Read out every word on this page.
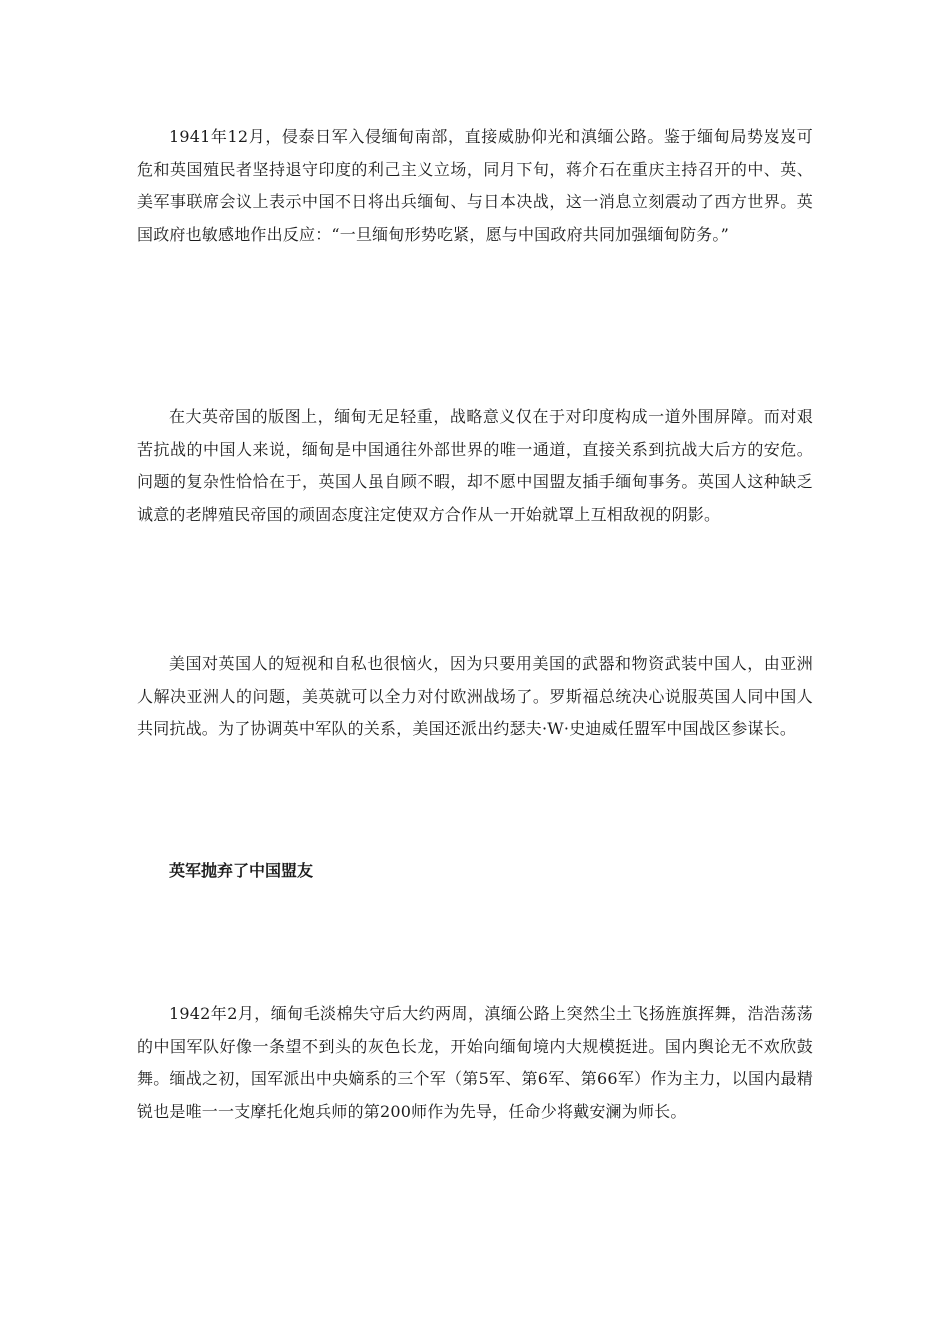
1941年12月，侵泰日军入侵缅甸南部，直接威胁仰光和滇缅公路。鉴于缅甸局势岌岌可危和英国殖民者坚持退守印度的利己主义立场，同月下旬，蒋介石在重庆主持召开的中、英、美军事联席会议上表示中国不日将出兵缅甸、与日本决战，这一消息立刻震动了西方世界。英国政府也敏感地作出反应：“一旦缅甸形势吃紧，愿与中国政府共同加强缅甸防务。”

在大英帝国的版图上，缅甸无足轻重，战略意义仅在于对印度构成一道外围屏障。而对艰苦抗战的中国人来说，缅甸是中国通往外部世界的唯一通道，直接关系到抗战大后方的安危。问题的复杂性恰恰在于，英国人虽自顾不暇，却不愿中国盟友插手缅甸事务。英国人这种缺乏诚意的老牌殖民帝国的顽固态度注定使双方合作从一开始就罩上互相敌视的阴影。

美国对英国人的短视和自私也很恼火，因为只要用美国的武器和物资武装中国人，由亚洲人解决亚洲人的问题，美英就可以全力对付欧洲战场了。罗斯福总统决心说服英国人同中国人共同抗战。为了协调英中军队的关系，美国还派出约瑟夫·W·史迪威任盟军中国战区参谋长。

英军抛弃了中国盟友

1942年2月，缅甸毛淡棉失守后大约两周，滇缅公路上突然尘土飞扬旌旗挥舞，浩浩荡荡的中国军队好像一条望不到头的灰色长龙，开始向缅甸境内大规模挺进。国内舆论无不欢欣鼓舞。缅战之初，国军派出中央嫡系的三个军（第5军、第6军、第66军）作为主力，以国内最精锐也是唯一一支摩托化炮兵师的第200师作为先导，任命少将戴安澜为师长。
